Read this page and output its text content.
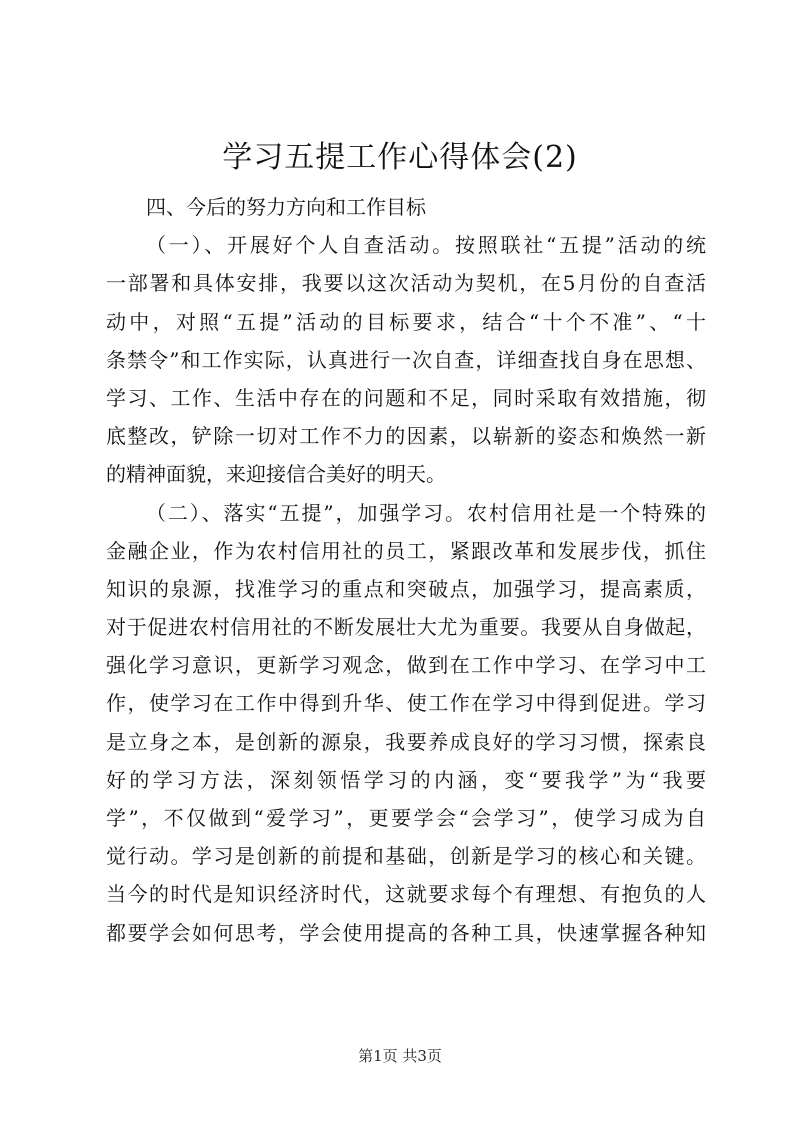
学习五提工作心得体会(2)
四、今后的努力方向和工作目标
（一）、开展好个人自查活动。按照联社“五提”活动的统
一部署和具体安排，我要以这次活动为契机，在5月份的自查活
动中，对照“五提”活动的目标要求，结合“十个不准”、“十
条禁令”和工作实际，认真进行一次自查，详细查找自身在思想、
学习、工作、生活中存在的问题和不足，同时采取有效措施，彻
底整改，铲除一切对工作不力的因素，以崭新的姿态和焕然一新
的精神面貌，来迎接信合美好的明天。
（二）、落实“五提”，加强学习。农村信用社是一个特殊的
金融企业，作为农村信用社的员工，紧跟改革和发展步伐，抓住
知识的泉源，找准学习的重点和突破点，加强学习，提高素质，
对于促进农村信用社的不断发展壮大尤为重要。我要从自身做起，
强化学习意识，更新学习观念，做到在工作中学习、在学习中工
作，使学习在工作中得到升华、使工作在学习中得到促进。学习
是立身之本，是创新的源泉，我要养成良好的学习习惯，探索良
好的学习方法，深刻领悟学习的内涵，变“要我学”为“我要
学”，不仅做到“爱学习”，更要学会“会学习”，使学习成为自
觉行动。学习是创新的前提和基础，创新是学习的核心和关键。
当今的时代是知识经济时代，这就要求每个有理想、有抱负的人
都要学会如何思考，学会使用提高的各种工具，快速掌握各种知
第1页 共3页
